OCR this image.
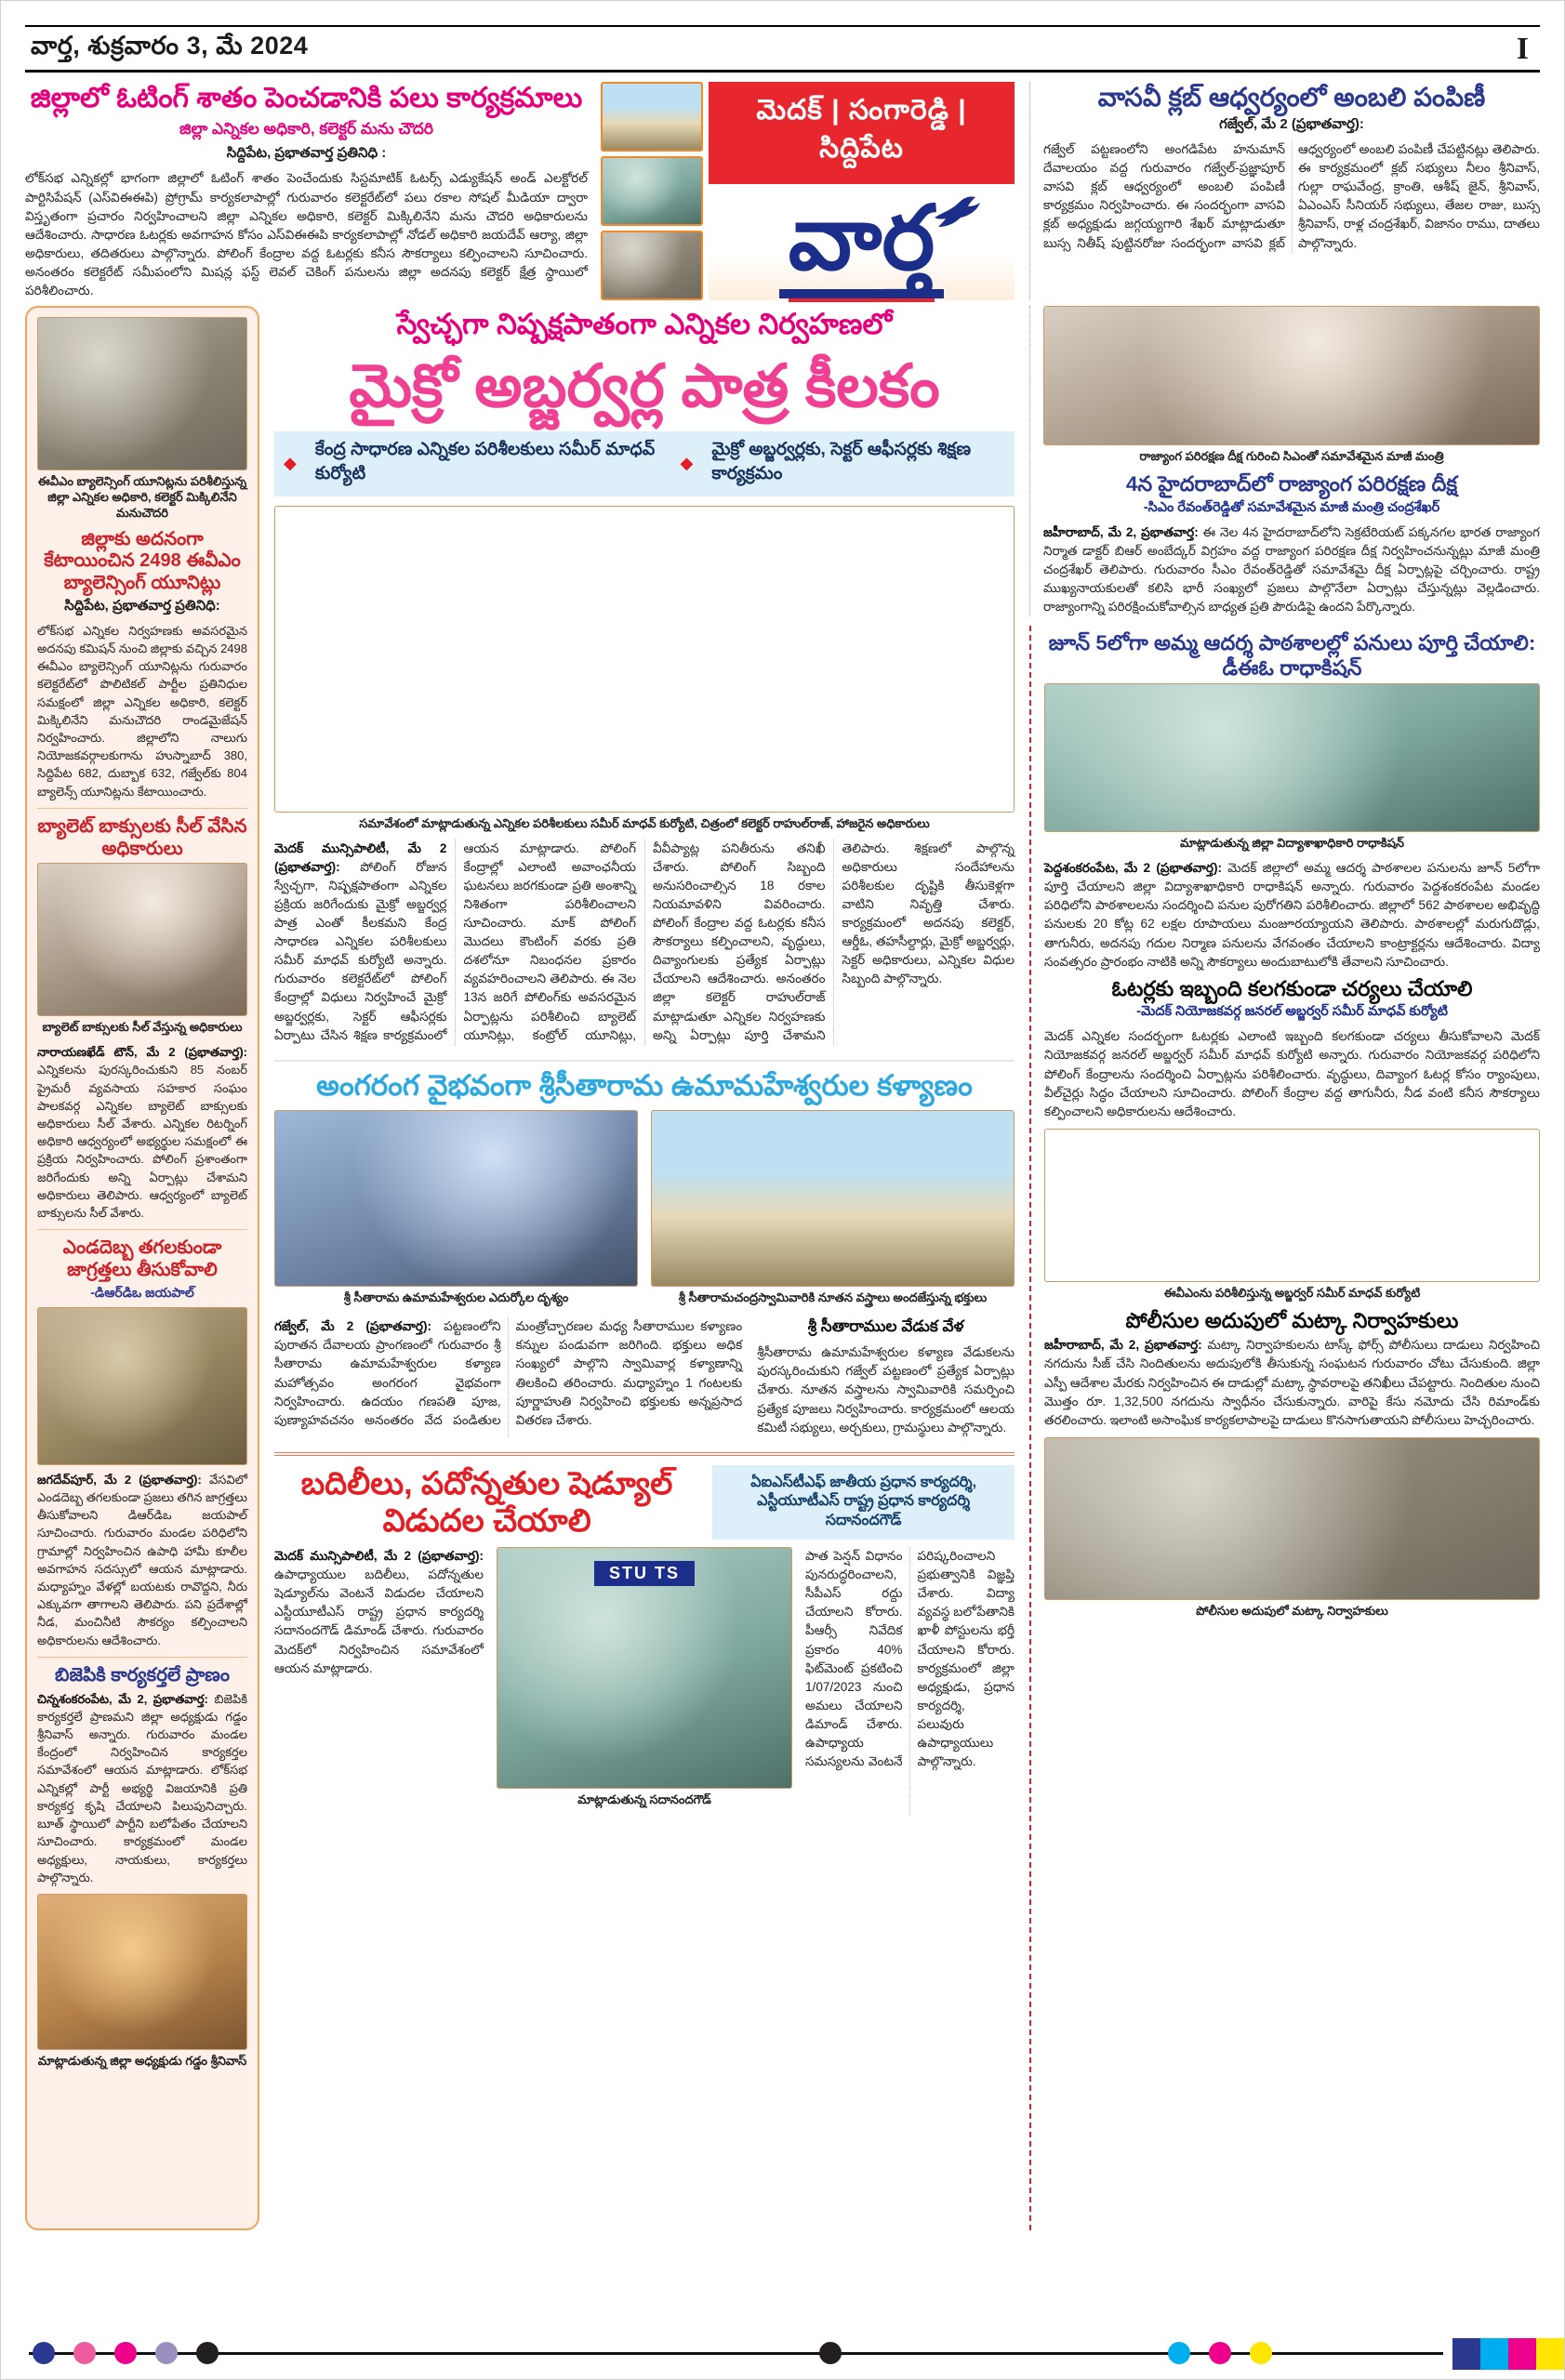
వార్త, శుక్రవారం 3, మే 2024	I
జిల్లాలో ఓటింగ్ శాతం పెంచడానికి పలు కార్యక్రమాలు
జిల్లా ఎన్నికల అధికారి, కలెక్టర్ మను చౌదరి
సిద్దిపేట, ప్రభాతవార్త ప్రతినిధి :

లోక్‌సభ ఎన్నికల్లో భాగంగా జిల్లాలో ఓటింగ్ శాతం పెంచేందుకు సిస్టమాటిక్ ఓటర్స్ ఎడ్యుకేషన్ అండ్ ఎలక్టోరల్ పార్టిసిపేషన్ (ఎస్‌విఈఈపి) ప్రోగ్రామ్ కార్యకలాపాల్లో గురువారం కలెక్టరేట్‌లో పలు రకాల సోషల్ మీడియా ద్వారా విస్తృతంగా ప్రచారం నిర్వహించాలని జిల్లా ఎన్నికల అధికారి, కలెక్టర్ మిక్కిలినేని మను చౌదరి అధికారులను ఆదేశించారు. సాధారణ ఓటర్లకు అవగాహన కోసం ఎస్‌విఈఈపి కార్యకలాపాల్లో నోడల్ అధికారి జయదేవ్ ఆర్యా, జిల్లా అధికారులు, తదితరులు పాల్గొన్నారు. పోలింగ్ కేంద్రాల వద్ద ఓటర్లకు కనీస సౌకర్యాలు కల్పించాలని సూచించారు. అనంతరం కలెక్టరేట్ సమీపంలోని మిషన్ల ఫస్ట్ లెవల్ చెకింగ్ పనులను జిల్లా అదనపు కలెక్టర్ క్షేత్ర స్థాయిలో పరిశీలించారు.

మెదక్ | సంగారెడ్డి | సిద్దిపేట
వార్త
వాసవీ క్లబ్ ఆధ్వర్యంలో అంబలి పంపిణీ
గజ్వేల్, మే 2 (ప్రభాతవార్త):

గజ్వేల్ పట్టణంలోని అంగడిపేట హనుమాన్ దేవాలయం వద్ద గురువారం గజ్వేల్-ప్రజ్ఞాపూర్ వాసవి క్లబ్ ఆధ్వర్యంలో అంబలి పంపిణీ కార్యక్రమం నిర్వహించారు. ఈ సందర్భంగా వాసవి క్లబ్ అధ్యక్షుడు జగ్గయ్యగారి శేఖర్ మాట్లాడుతూ బుస్స నితీష్ పుట్టినరోజు సందర్భంగా వాసవి క్లబ్ ఆధ్వర్యంలో అంబలి పంపిణీ చేపట్టినట్లు తెలిపారు. ఈ కార్యక్రమంలో క్లబ్ సభ్యులు నీలం శ్రీనివాస్, గుల్లా రాఘవేంద్ర, క్రాంతి, ఆశీష్ జైన్, శ్రీనివాస్, ఏఎంఎస్ సీనియర్ సభ్యులు, తేజల రాజు, బుస్స శ్రీనివాస్, రాళ్ల చంద్రశేఖర్, విజానం రాము, దాతలు పాల్గొన్నారు.

ఈవీఎం బ్యాలెన్సింగ్ యూనిట్లను పరిశీలిస్తున్న జిల్లా ఎన్నికల అధికారి, కలెక్టర్ మిక్కిలినేని మనుచౌదరి
జిల్లాకు అదనంగా కేటాయించిన 2498 ఈవీఎం బ్యాలెన్సింగ్ యూనిట్లు
సిద్దిపేట, ప్రభాతవార్త ప్రతినిధి:

లోక్‌సభ ఎన్నికల నిర్వహణకు అవసరమైన అదనపు కమిషన్ నుంచి జిల్లాకు వచ్చిన 2498 ఈవీఎం బ్యాలెన్సింగ్ యూనిట్లను గురువారం కలెక్టరేట్‌లో పొలిటికల్ పార్టీల ప్రతినిధుల సమక్షంలో జిల్లా ఎన్నికల అధికారి, కలెక్టర్ మిక్కిలినేని మనుచౌదరి రాండమైజేషన్ నిర్వహించారు. జిల్లాలోని నాలుగు నియోజకవర్గాలకుగాను హుస్నాబాద్ 380, సిద్దిపేట 682, దుబ్బాక 632, గజ్వేల్‌కు 804 బ్యాలెన్స్ యూనిట్లను కేటాయించారు.

బ్యాలెట్ బాక్సులకు సీల్ వేసిన అధికారులు
బ్యాలెట్ బాక్సులకు సీల్ వేస్తున్న అధికారులు

నారాయణఖేడ్ టౌన్, మే 2 (ప్రభాతవార్త): ఎన్నికలను పురస్కరించుకుని 85 నంబర్ ప్రైమరీ వ్యవసాయ సహకార సంఘం పాలకవర్గ ఎన్నికల బ్యాలెట్ బాక్సులకు అధికారులు సీల్ వేశారు. ఎన్నికల రిటర్నింగ్ అధికారి ఆధ్వర్యంలో అభ్యర్థుల సమక్షంలో ఈ ప్రక్రియ నిర్వహించారు. పోలింగ్ ప్రశాంతంగా జరిగేందుకు అన్ని ఏర్పాట్లు చేశామని అధికారులు తెలిపారు. ఆధ్వర్యంలో బ్యాలెట్ బాక్సులను సీల్ వేశారు.

ఎండదెబ్బ తగలకుండా జాగ్రత్తలు తీసుకోవాలి
-డిఆర్‌డిఒ జయపాల్

జగదేవ్‌పూర్, మే 2 (ప్రభాతవార్త): వేసవిలో ఎండదెబ్బ తగలకుండా ప్రజలు తగిన జాగ్రత్తలు తీసుకోవాలని డిఆర్‌డిఒ జయపాల్ సూచించారు. గురువారం మండల పరిధిలోని గ్రామాల్లో నిర్వహించిన ఉపాధి హామీ కూలీల అవగాహన సదస్సులో ఆయన మాట్లాడారు. మధ్యాహ్నం వేళల్లో బయటకు రావొద్దని, నీరు ఎక్కువగా తాగాలని తెలిపారు. పని ప్రదేశాల్లో నీడ, మంచినీటి సౌకర్యం కల్పించాలని అధికారులను ఆదేశించారు.

బిజెపికి కార్యకర్తలే ప్రాణం

చిన్నశంకరంపేట, మే 2, ప్రభాతవార్త: బిజెపికి కార్యకర్తలే ప్రాణమని జిల్లా అధ్యక్షుడు గడ్డం శ్రీనివాస్ అన్నారు. గురువారం మండల కేంద్రంలో నిర్వహించిన కార్యకర్తల సమావేశంలో ఆయన మాట్లాడారు. లోక్‌సభ ఎన్నికల్లో పార్టీ అభ్యర్థి విజయానికి ప్రతి కార్యకర్త కృషి చేయాలని పిలుపునిచ్చారు. బూత్ స్థాయిలో పార్టీని బలోపేతం చేయాలని సూచించారు. కార్యక్రమంలో మండల అధ్యక్షులు, నాయకులు, కార్యకర్తలు పాల్గొన్నారు.

మాట్లాడుతున్న జిల్లా అధ్యక్షుడు గడ్డం శ్రీనివాస్
స్వేచ్ఛగా నిష్పక్షపాతంగా ఎన్నికల నిర్వహణలో
మైక్రో అబ్జర్వర్ల పాత్ర కీలకం
◆
కేంద్ర సాధారణ ఎన్నికల పరిశీలకులు సమీర్ మాధవ్ కుర్యోటి
◆
మైక్రో అబ్జర్వర్లకు, సెక్టర్ ఆఫీసర్లకు శిక్షణ కార్యక్రమం
సమావేశంలో మాట్లాడుతున్న ఎన్నికల పరిశీలకులు సమీర్ మాధవ్ కుర్యోటి, చిత్రంలో కలెక్టర్ రాహుల్‌రాజ్, హాజరైన అధికారులు
మెదక్ మున్సిపాలిటీ, మే 2 (ప్రభాతవార్త): పోలింగ్ రోజున స్వేచ్ఛగా, నిష్పక్షపాతంగా ఎన్నికల ప్రక్రియ జరిగేందుకు మైక్రో అబ్జర్వర్ల పాత్ర ఎంతో కీలకమని కేంద్ర సాధారణ ఎన్నికల పరిశీలకులు సమీర్ మాధవ్ కుర్యోటి అన్నారు. గురువారం కలెక్టరేట్‌లో పోలింగ్ కేంద్రాల్లో విధులు నిర్వహించే మైక్రో అబ్జర్వర్లకు, సెక్టర్ ఆఫీసర్లకు ఏర్పాటు చేసిన శిక్షణ కార్యక్రమంలో ఆయన మాట్లాడారు. పోలింగ్ కేంద్రాల్లో ఎలాంటి అవాంఛనీయ ఘటనలు జరగకుండా ప్రతి అంశాన్ని నిశితంగా పరిశీలించాలని సూచించారు. మాక్ పోలింగ్ మొదలు కౌంటింగ్ వరకు ప్రతి దశలోనూ నిబంధనల ప్రకారం వ్యవహరించాలని తెలిపారు. ఈ నెల 13న జరిగే పోలింగ్‌కు అవసరమైన ఏర్పాట్లను పరిశీలించి బ్యాలెట్ యూనిట్లు, కంట్రోల్ యూనిట్లు, వీవీప్యాట్ల పనితీరును తనిఖీ చేశారు. పోలింగ్ సిబ్బంది అనుసరించాల్సిన 18 రకాల నియమావళిని వివరించారు. పోలింగ్ కేంద్రాల వద్ద ఓటర్లకు కనీస సౌకర్యాలు కల్పించాలని, వృద్ధులు, దివ్యాంగులకు ప్రత్యేక ఏర్పాట్లు చేయాలని ఆదేశించారు. అనంతరం జిల్లా కలెక్టర్ రాహుల్‌రాజ్ మాట్లాడుతూ ఎన్నికల నిర్వహణకు అన్ని ఏర్పాట్లు పూర్తి చేశామని తెలిపారు. శిక్షణలో పాల్గొన్న అధికారులు సందేహాలను పరిశీలకుల దృష్టికి తీసుకెళ్లగా వాటిని నివృత్తి చేశారు. కార్యక్రమంలో అదనపు కలెక్టర్, ఆర్డీఓ, తహసీల్దార్లు, మైక్రో అబ్జర్వర్లు, సెక్టర్ అధికారులు, ఎన్నికల విధుల సిబ్బంది పాల్గొన్నారు.
అంగరంగ వైభవంగా శ్రీసీతారామ ఉమామహేశ్వరుల కళ్యాణం
శ్రీ సీతారామ ఉమామహేశ్వరుల ఎదుర్కోల దృశ్యం	శ్రీ సీతారామచంద్రస్వామివారికి నూతన వస్త్రాలు అందజేస్తున్న భక్తులు
గజ్వేల్, మే 2 (ప్రభాతవార్త): పట్టణంలోని పురాతన దేవాలయ ప్రాంగణంలో గురువారం శ్రీ సీతారామ ఉమామహేశ్వరుల కళ్యాణ మహోత్సవం అంగరంగ వైభవంగా నిర్వహించారు. ఉదయం గణపతి పూజ, పుణ్యాహవచనం అనంతరం వేద పండితుల మంత్రోచ్ఛారణల మధ్య సీతారాముల కళ్యాణం కన్నుల పండువగా జరిగింది. భక్తులు అధిక సంఖ్యలో పాల్గొని స్వామివార్ల కళ్యాణాన్ని తిలకించి తరించారు. మధ్యాహ్నం 1 గంటలకు పూర్ణాహుతి నిర్వహించి భక్తులకు అన్నప్రసాద వితరణ చేశారు.
శ్రీ సీతారాముల వేడుక వేళ

శ్రీసీతారామ ఉమామహేశ్వరుల కళ్యాణ వేడుకలను పురస్కరించుకుని గజ్వేల్ పట్టణంలో ప్రత్యేక ఏర్పాట్లు చేశారు. నూతన వస్త్రాలను స్వామివారికి సమర్పించి ప్రత్యేక పూజలు నిర్వహించారు. కార్యక్రమంలో ఆలయ కమిటీ సభ్యులు, అర్చకులు, గ్రామస్థులు పాల్గొన్నారు.

బదిలీలు, పదోన్నతుల షెడ్యూల్ విడుదల చేయాలి
ఏఐఎస్‌టీఎఫ్ జాతీయ ప్రధాన కార్యదర్శి, ఎస్టీయూటీఎస్ రాష్ట్ర ప్రధాన కార్యదర్శి సదానందగౌడ్
మెదక్ మున్సిపాలిటీ, మే 2 (ప్రభాతవార్త): ఉపాధ్యాయుల బదిలీలు, పదోన్నతుల షెడ్యూల్‌ను వెంటనే విడుదల చేయాలని ఎస్టీయూటీఎస్ రాష్ట్ర ప్రధాన కార్యదర్శి సదానందగౌడ్ డిమాండ్ చేశారు. గురువారం మెదక్‌లో నిర్వహించిన సమావేశంలో ఆయన మాట్లాడారు.
STU TS
మాట్లాడుతున్న సదానందగౌడ్
పాత పెన్షన్ విధానం పునరుద్ధరించాలని, సీపీఎస్ రద్దు చేయాలని కోరారు. పీఆర్సీ నివేదిక ప్రకారం 40% ఫిట్‌మెంట్ ప్రకటించి 1/07/2023 నుంచి అమలు చేయాలని డిమాండ్ చేశారు. ఉపాధ్యాయ సమస్యలను వెంటనే పరిష్కరించాలని ప్రభుత్వానికి విజ్ఞప్తి చేశారు. విద్యా వ్యవస్థ బలోపేతానికి ఖాళీ పోస్టులను భర్తీ చేయాలని కోరారు. కార్యక్రమంలో జిల్లా అధ్యక్షుడు, ప్రధాన కార్యదర్శి, పలువురు ఉపాధ్యాయులు పాల్గొన్నారు.
రాజ్యాంగ పరిరక్షణ దీక్ష గురించి సిఎంతో సమావేశమైన మాజీ మంత్రి
4న హైదరాబాద్‌లో రాజ్యాంగ పరిరక్షణ దీక్ష
-సిఎం రేవంత్‌రెడ్డితో సమావేశమైన మాజీ మంత్రి చంద్రశేఖర్

జహీరాబాద్, మే 2, ప్రభాతవార్త: ఈ నెల 4న హైదరాబాద్‌లోని సెక్రటేరియట్ పక్కనగల భారత రాజ్యాంగ నిర్మాత డాక్టర్ బిఆర్ అంబేద్కర్ విగ్రహం వద్ద రాజ్యాంగ పరిరక్షణ దీక్ష నిర్వహించనున్నట్లు మాజీ మంత్రి చంద్రశేఖర్ తెలిపారు. గురువారం సీఎం రేవంత్‌రెడ్డితో సమావేశమై దీక్ష ఏర్పాట్లపై చర్చించారు. రాష్ట్ర ముఖ్యనాయకులతో కలిసి భారీ సంఖ్యలో ప్రజలు పాల్గొనేలా ఏర్పాట్లు చేస్తున్నట్లు వెల్లడించారు. రాజ్యాంగాన్ని పరిరక్షించుకోవాల్సిన బాధ్యత ప్రతి పౌరుడిపై ఉందని పేర్కొన్నారు.

జూన్ 5లోగా అమ్మ ఆదర్శ పాఠశాలల్లో పనులు పూర్తి చేయాలి: డీఈఓ రాధాకిషన్
మాట్లాడుతున్న జిల్లా విద్యాశాఖాధికారి రాధాకిషన్

పెద్దశంకరంపేట, మే 2 (ప్రభాతవార్త): మెదక్ జిల్లాలో అమ్మ ఆదర్శ పాఠశాలల పనులను జూన్ 5లోగా పూర్తి చేయాలని జిల్లా విద్యాశాఖాధికారి రాధాకిషన్ అన్నారు. గురువారం పెద్దశంకరంపేట మండల పరిధిలోని పాఠశాలలను సందర్శించి పనుల పురోగతిని పరిశీలించారు. జిల్లాలో 562 పాఠశాలల అభివృద్ధి పనులకు 20 కోట్ల 62 లక్షల రూపాయలు మంజూరయ్యాయని తెలిపారు. పాఠశాలల్లో మరుగుదొడ్లు, తాగునీరు, అదనపు గదుల నిర్మాణ పనులను వేగవంతం చేయాలని కాంట్రాక్టర్లను ఆదేశించారు. విద్యా సంవత్సరం ప్రారంభం నాటికి అన్ని సౌకర్యాలు అందుబాటులోకి తేవాలని సూచించారు.

ఓటర్లకు ఇబ్బంది కలగకుండా చర్యలు చేయాలి
-మెదక్ నియోజకవర్గ జనరల్ అబ్జర్వర్ సమీర్ మాధవ్ కుర్యోటి

మెదక్ ఎన్నికల సందర్భంగా ఓటర్లకు ఎలాంటి ఇబ్బంది కలగకుండా చర్యలు తీసుకోవాలని మెదక్ నియోజకవర్గ జనరల్ అబ్జర్వర్ సమీర్ మాధవ్ కుర్యోటి అన్నారు. గురువారం నియోజకవర్గ పరిధిలోని పోలింగ్ కేంద్రాలను సందర్శించి ఏర్పాట్లను పరిశీలించారు. వృద్ధులు, దివ్యాంగ ఓటర్ల కోసం ర్యాంపులు, వీల్‌చైర్లు సిద్ధం చేయాలని సూచించారు. పోలింగ్ కేంద్రాల వద్ద తాగునీరు, నీడ వంటి కనీస సౌకర్యాలు కల్పించాలని అధికారులను ఆదేశించారు.

ఈవీఎంను పరిశీలిస్తున్న అబ్జర్వర్ సమీర్ మాధవ్ కుర్యోటి
పోలీసుల అదుపులో మట్కా నిర్వాహకులు

జహీరాబాద్, మే 2, ప్రభాతవార్త: మట్కా నిర్వాహకులను టాస్క్ ఫోర్స్ పోలీసులు దాడులు నిర్వహించి నగదును సీజ్ చేసి నిందితులను అదుపులోకి తీసుకున్న సంఘటన గురువారం చోటు చేసుకుంది. జిల్లా ఎస్పీ ఆదేశాల మేరకు నిర్వహించిన ఈ దాడుల్లో మట్కా స్థావరాలపై తనిఖీలు చేపట్టారు. నిందితుల నుంచి మొత్తం రూ. 1,32,500 నగదును స్వాధీనం చేసుకున్నారు. వారిపై కేసు నమోదు చేసి రిమాండ్‌కు తరలించారు. ఇలాంటి అసాంఘిక కార్యకలాపాలపై దాడులు కొనసాగుతాయని పోలీసులు హెచ్చరించారు.

పోలీసుల అదుపులో మట్కా నిర్వాహకులు
